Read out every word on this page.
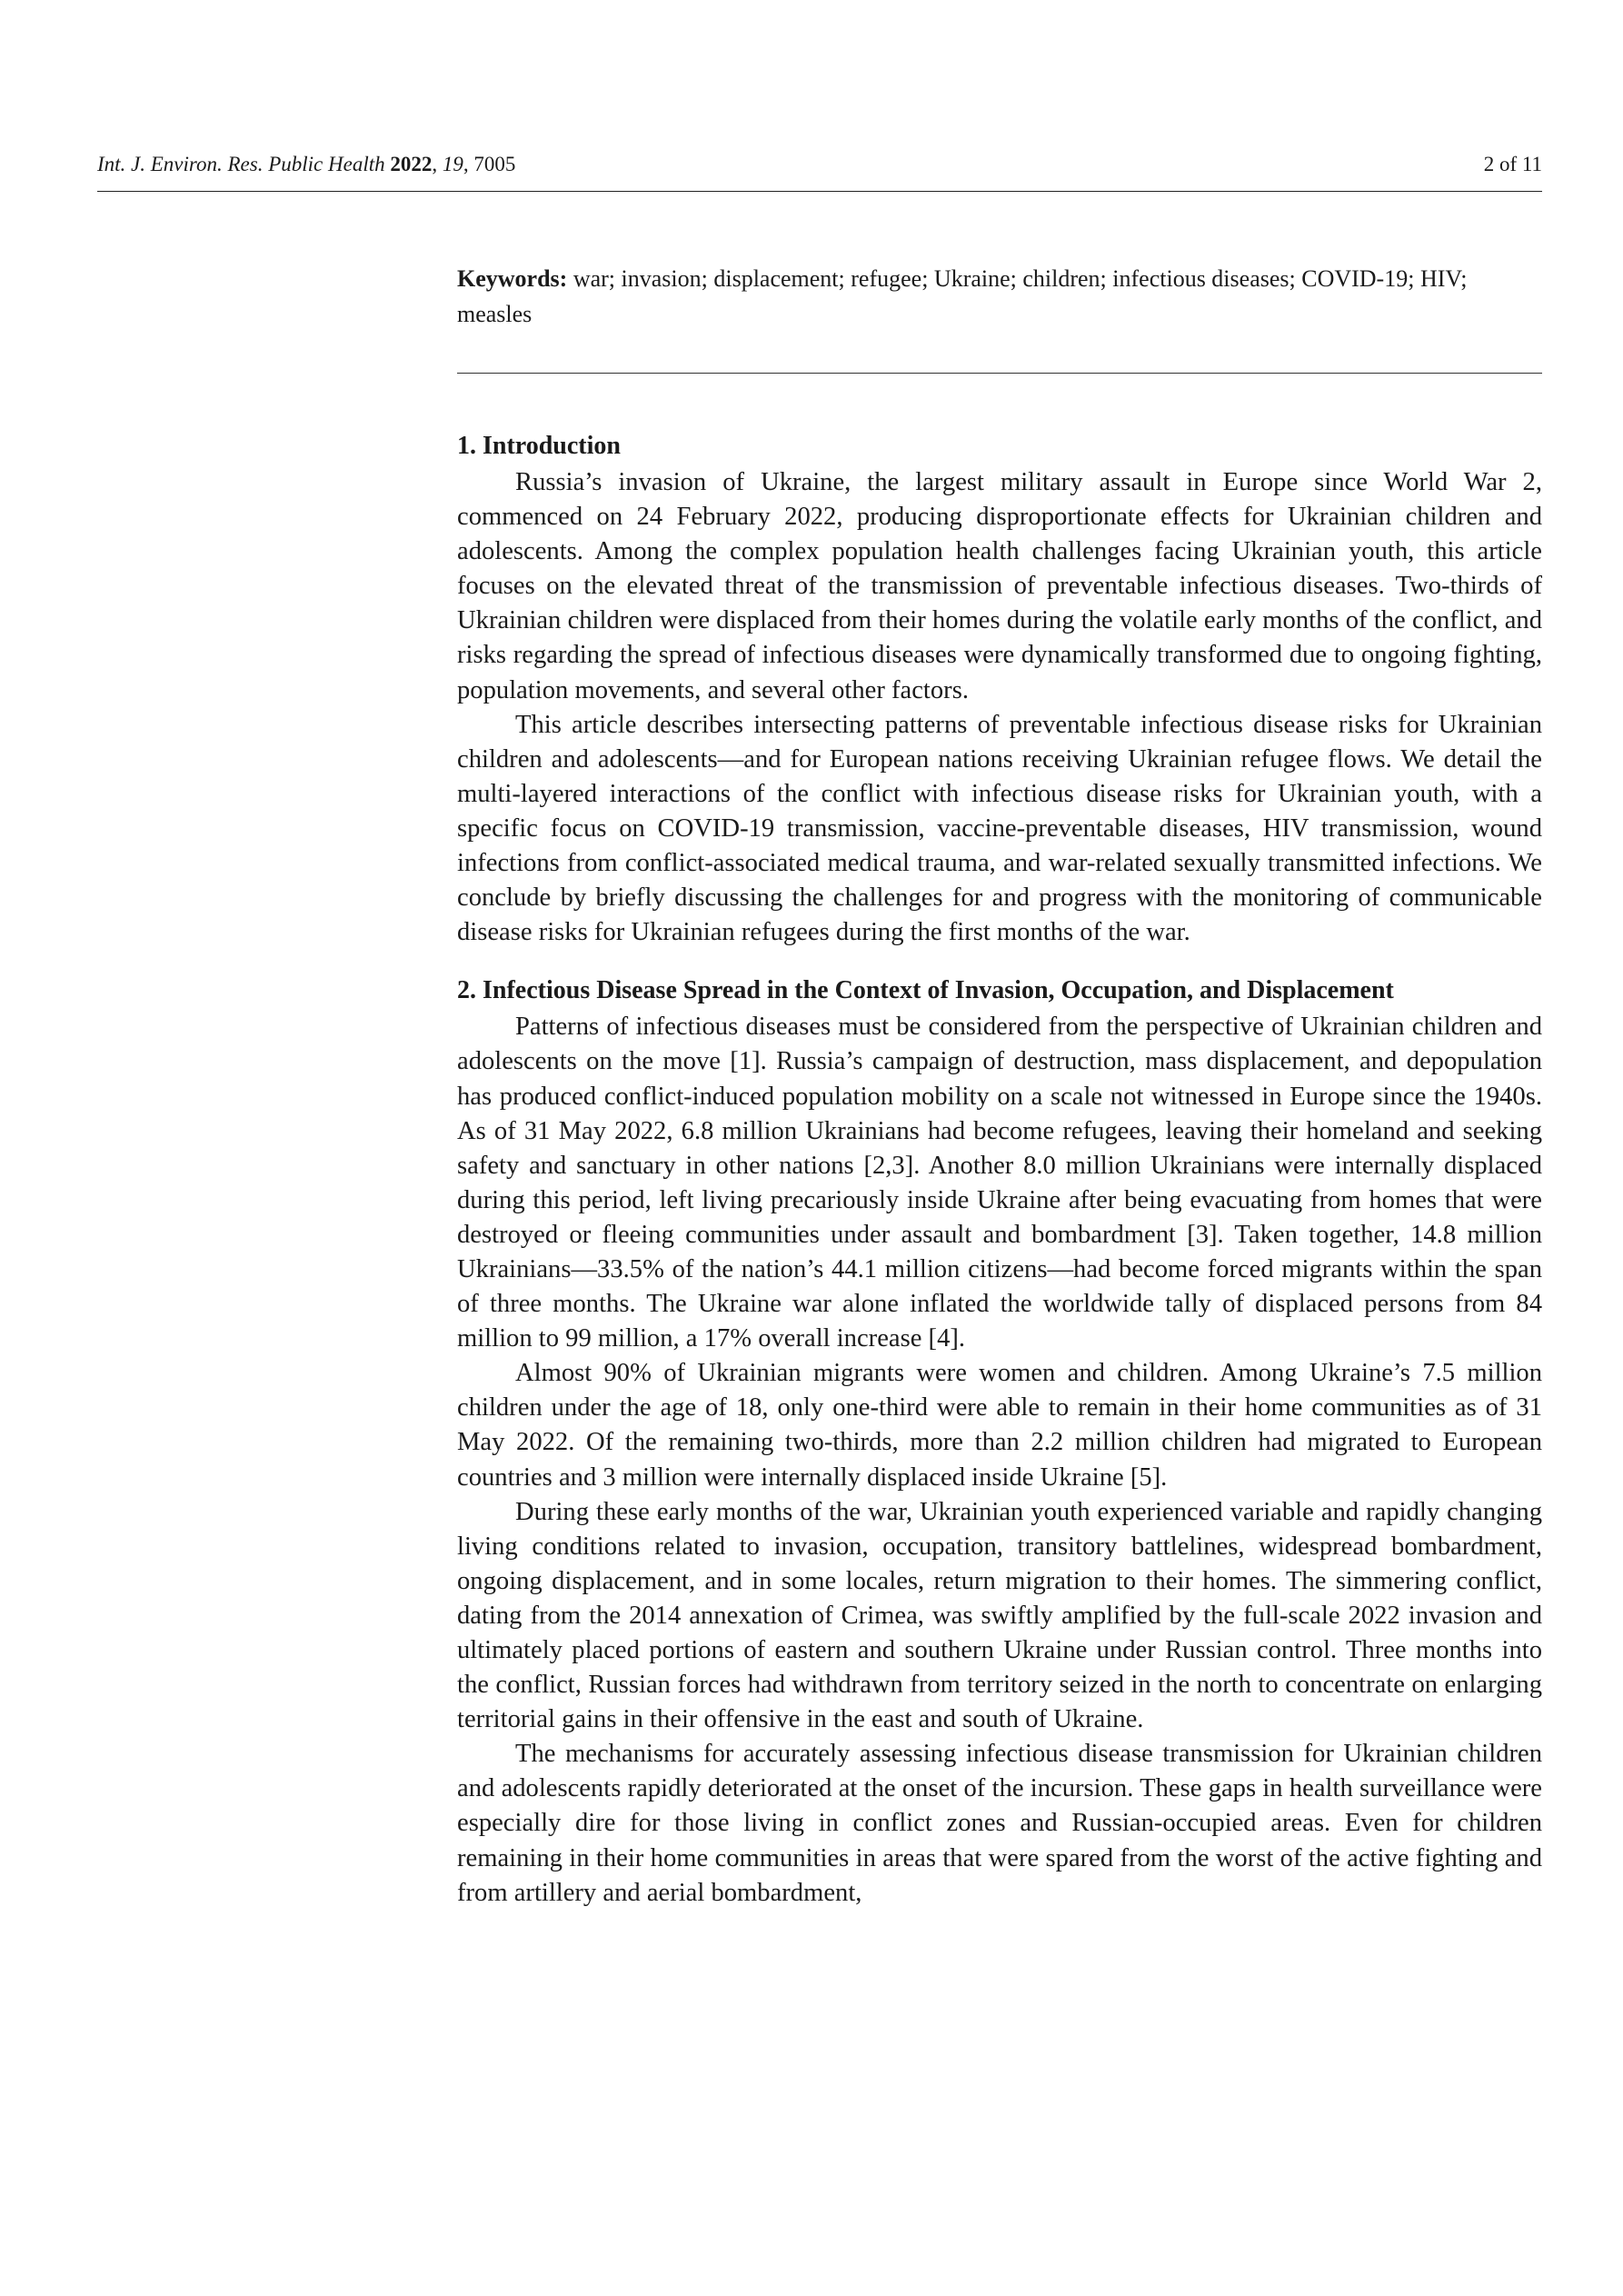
Int. J. Environ. Res. Public Health 2022, 19, 7005	2 of 11
Keywords: war; invasion; displacement; refugee; Ukraine; children; infectious diseases; COVID-19; HIV; measles
1. Introduction

Russia’s invasion of Ukraine, the largest military assault in Europe since World War 2, commenced on 24 February 2022, producing disproportionate effects for Ukrainian children and adolescents. Among the complex population health challenges facing Ukrainian youth, this article focuses on the elevated threat of the transmission of preventable infectious diseases. Two-thirds of Ukrainian children were displaced from their homes during the volatile early months of the conflict, and risks regarding the spread of infectious diseases were dynamically transformed due to ongoing fighting, population movements, and several other factors.

This article describes intersecting patterns of preventable infectious disease risks for Ukrainian children and adolescents—and for European nations receiving Ukrainian refugee flows. We detail the multi-layered interactions of the conflict with infectious disease risks for Ukrainian youth, with a specific focus on COVID-19 transmission, vaccine-preventable diseases, HIV transmission, wound infections from conflict-associated medical trauma, and war-related sexually transmitted infections. We conclude by briefly discussing the challenges for and progress with the monitoring of communicable disease risks for Ukrainian refugees during the first months of the war.

2. Infectious Disease Spread in the Context of Invasion, Occupation, and Displacement

Patterns of infectious diseases must be considered from the perspective of Ukrainian children and adolescents on the move [1]. Russia’s campaign of destruction, mass displacement, and depopulation has produced conflict-induced population mobility on a scale not witnessed in Europe since the 1940s. As of 31 May 2022, 6.8 million Ukrainians had become refugees, leaving their homeland and seeking safety and sanctuary in other nations [2,3]. Another 8.0 million Ukrainians were internally displaced during this period, left living precariously inside Ukraine after being evacuating from homes that were destroyed or fleeing communities under assault and bombardment [3]. Taken together, 14.8 million Ukrainians—33.5% of the nation’s 44.1 million citizens—had become forced migrants within the span of three months. The Ukraine war alone inflated the worldwide tally of displaced persons from 84 million to 99 million, a 17% overall increase [4].

Almost 90% of Ukrainian migrants were women and children. Among Ukraine’s 7.5 million children under the age of 18, only one-third were able to remain in their home communities as of 31 May 2022. Of the remaining two-thirds, more than 2.2 million children had migrated to European countries and 3 million were internally displaced inside Ukraine [5].

During these early months of the war, Ukrainian youth experienced variable and rapidly changing living conditions related to invasion, occupation, transitory battlelines, widespread bombardment, ongoing displacement, and in some locales, return migration to their homes. The simmering conflict, dating from the 2014 annexation of Crimea, was swiftly amplified by the full-scale 2022 invasion and ultimately placed portions of eastern and southern Ukraine under Russian control. Three months into the conflict, Russian forces had withdrawn from territory seized in the north to concentrate on enlarging territorial gains in their offensive in the east and south of Ukraine.

The mechanisms for accurately assessing infectious disease transmission for Ukrainian children and adolescents rapidly deteriorated at the onset of the incursion. These gaps in health surveillance were especially dire for those living in conflict zones and Russian-occupied areas. Even for children remaining in their home communities in areas that were spared from the worst of the active fighting and from artillery and aerial bombardment,
